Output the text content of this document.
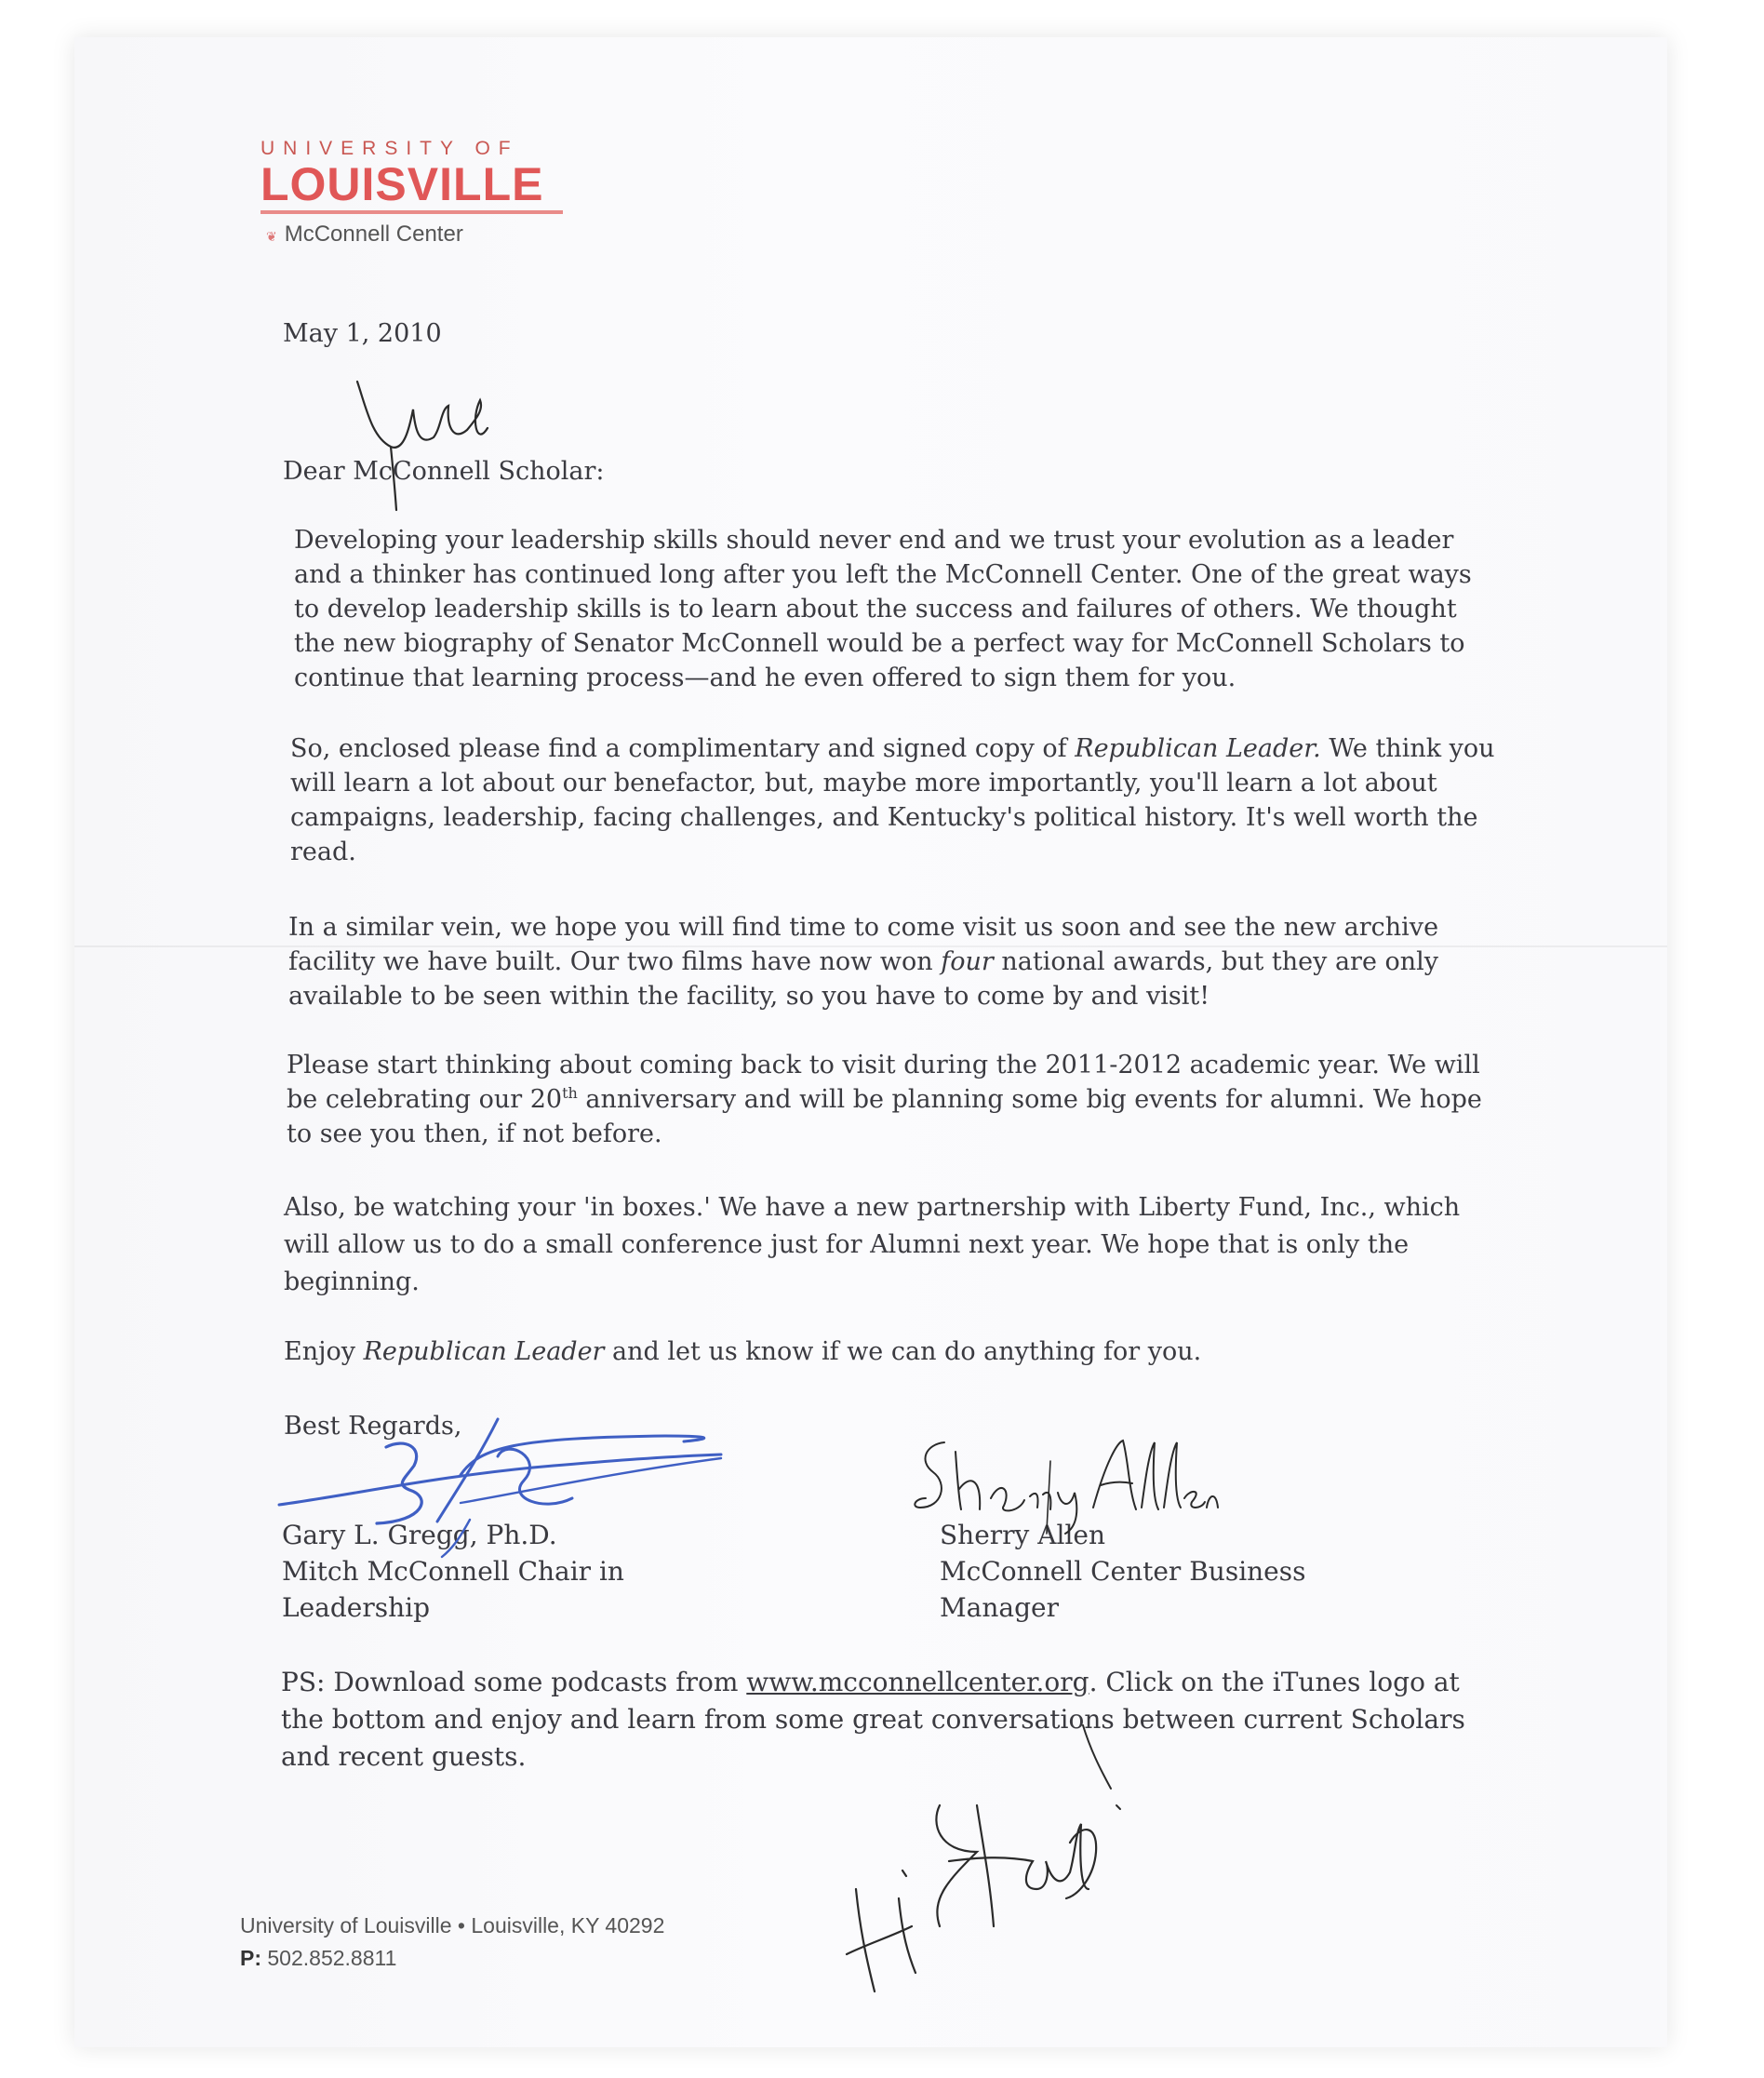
UNIVERSITY OF
LOUISVILLE
❦ McConnell Center

May 1, 2010

Dear McConnell Scholar:

Developing your leadership skills should never end and we trust your evolution as a leader and a thinker has continued long after you left the McConnell Center. One of the great ways to develop leadership skills is to learn about the success and failures of others. We thought the new biography of Senator McConnell would be a perfect way for McConnell Scholars to continue that learning process—and he even offered to sign them for you.

So, enclosed please find a complimentary and signed copy of Republican Leader. We think you will learn a lot about our benefactor, but, maybe more importantly, you'll learn a lot about campaigns, leadership, facing challenges, and Kentucky's political history. It's well worth the read.

In a similar vein, we hope you will find time to come visit us soon and see the new archive facility we have built. Our two films have now won four national awards, but they are only available to be seen within the facility, so you have to come by and visit!

Please start thinking about coming back to visit during the 2011-2012 academic year. We will be celebrating our 20th anniversary and will be planning some big events for alumni. We hope to see you then, if not before.

Also, be watching your 'in boxes.' We have a new partnership with Liberty Fund, Inc., which will allow us to do a small conference just for Alumni next year. We hope that is only the beginning.

Enjoy Republican Leader and let us know if we can do anything for you.

Best Regards,

Gary L. Gregg, Ph.D.
Mitch McConnell Chair in
Leadership
Sherry Allen
McConnell Center Business
Manager

PS: Download some podcasts from www.mcconnellcenter.org. Click on the iTunes logo at the bottom and enjoy and learn from some great conversations between current Scholars and recent guests.

University of Louisville • Louisville, KY 40292
P: 502.852.8811
